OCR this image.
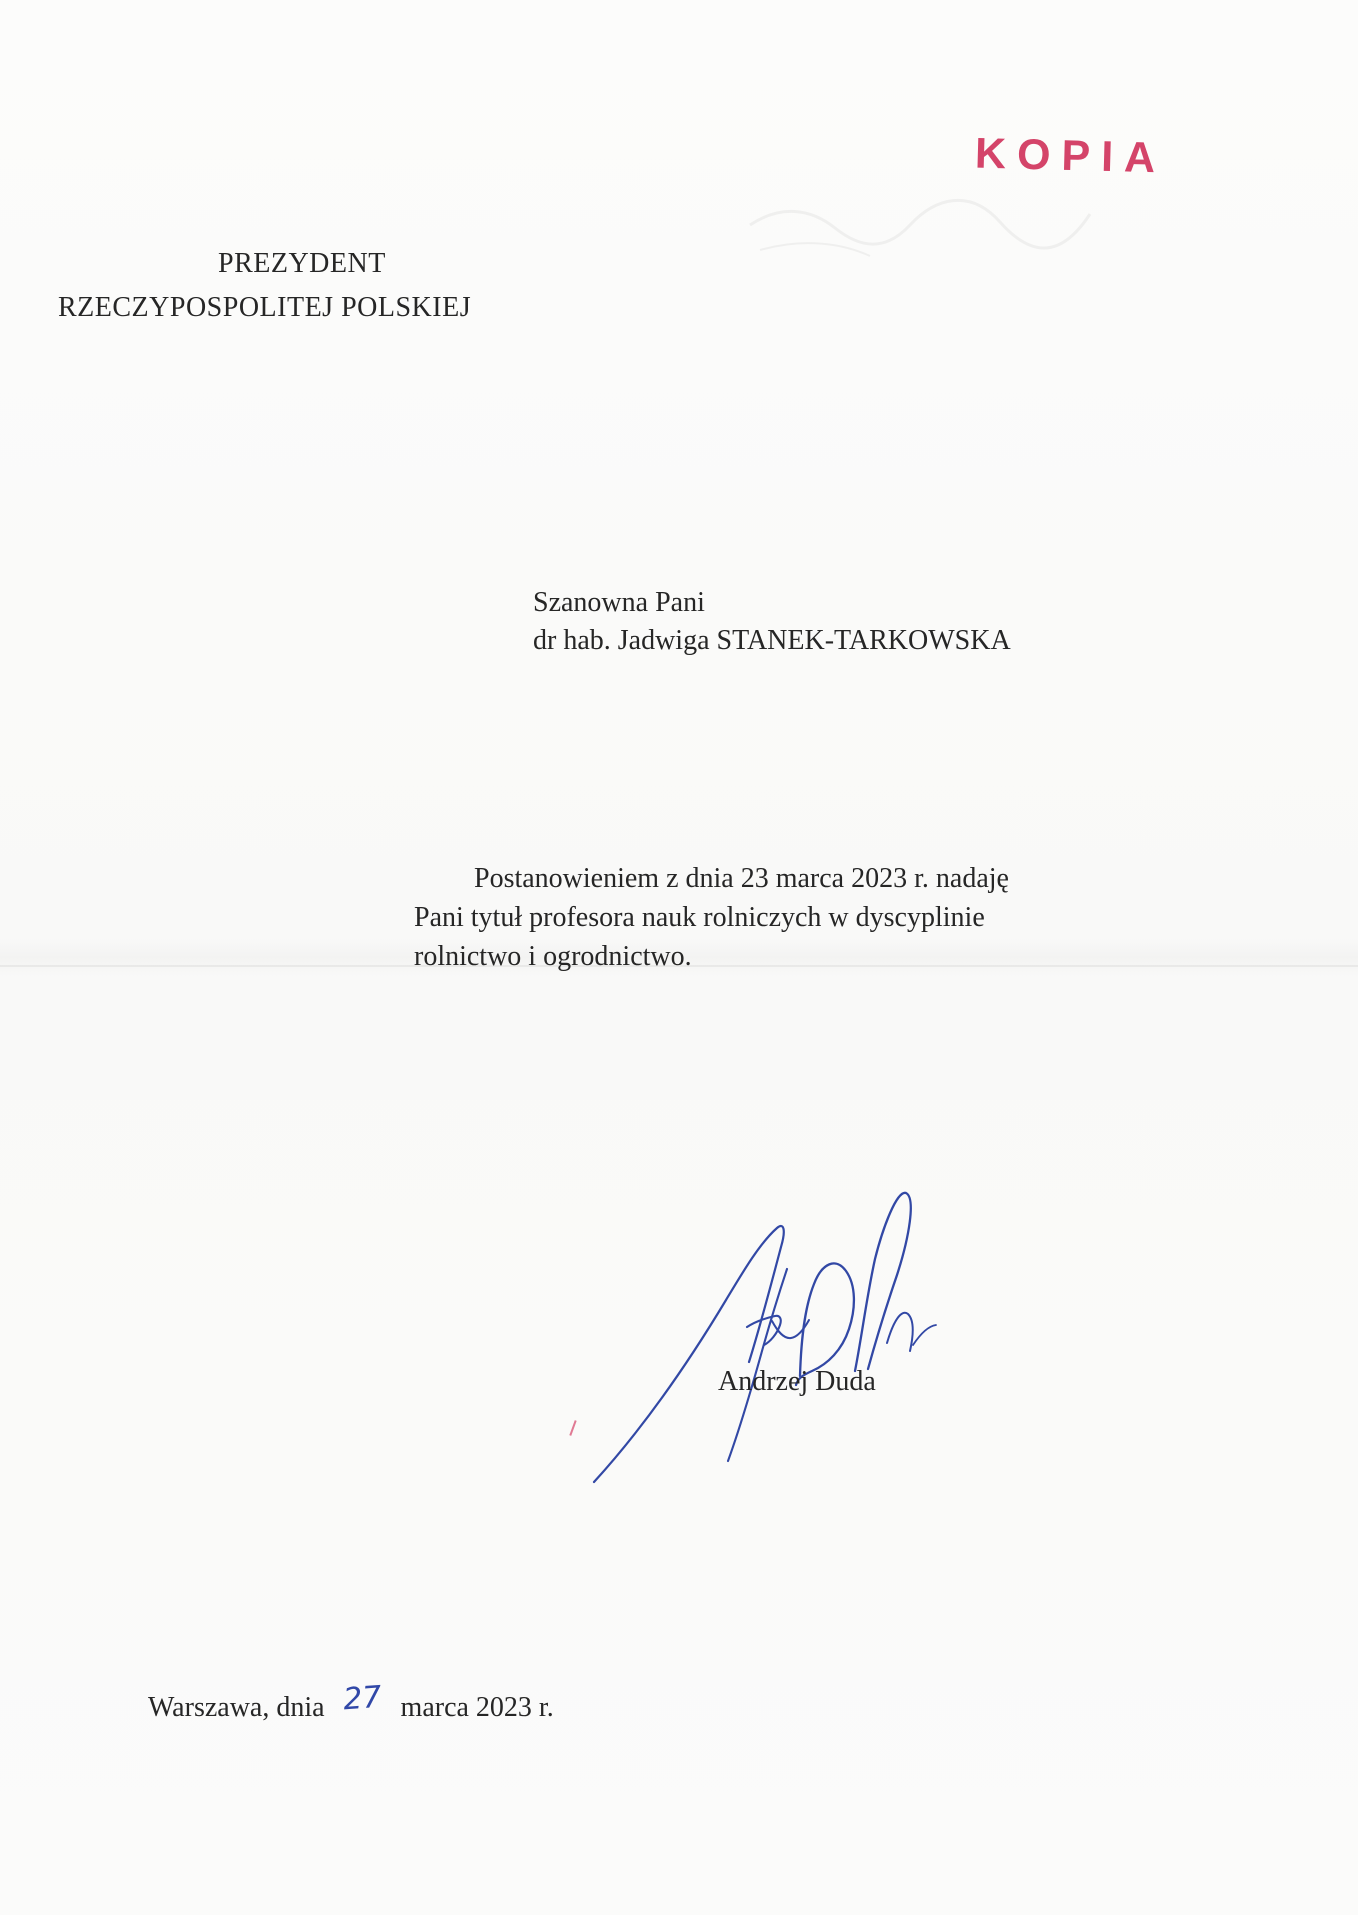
KOPIA
PREZYDENT
RZECZYPOSPOLITEJ POLSKIEJ
Szanowna Pani
dr hab. Jadwiga STANEK-TARKOWSKA
Postanowieniem z dnia 23 marca 2023 r. nadaję
Pani tytuł profesora nauk rolniczych w dyscyplinie
rolnictwo i ogrodnictwo.
Andrzej Duda
Warszawa, dnia 27 marca 2023 r.
